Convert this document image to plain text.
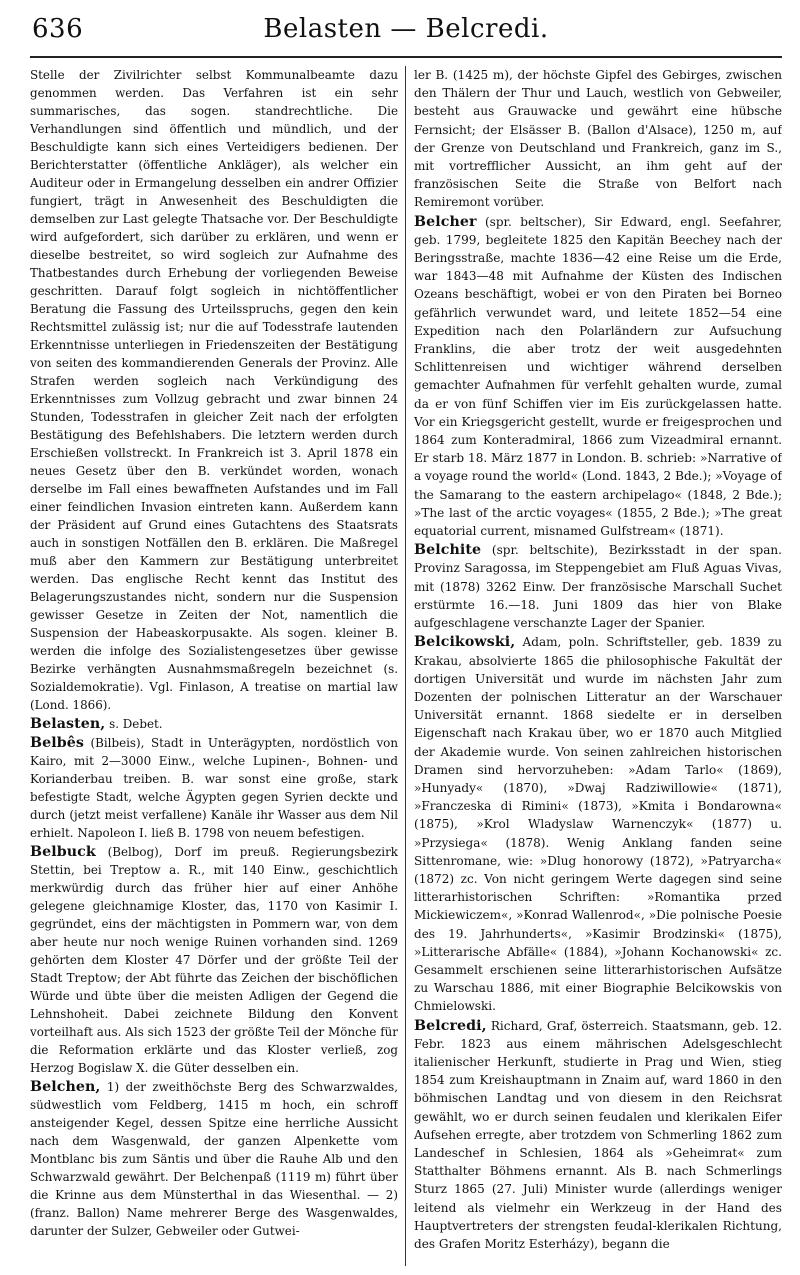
636	Belasten — Belcredi.

Stelle der Zivilrichter selbst Kommunalbeamte dazu genommen werden. Das Verfahren ist ein sehr summarisches, das sogen. standrechtliche. Die Verhandlungen sind öffentlich und mündlich, und der Beschuldigte kann sich eines Verteidigers bedienen. Der Berichterstatter (öffentliche Ankläger), als welcher ein Auditeur oder in Ermangelung desselben ein andrer Offizier fungiert, trägt in Anwesenheit des Beschuldigten die demselben zur Last gelegte Thatsache vor. Der Beschuldigte wird aufgefordert, sich darüber zu erklären, und wenn er dieselbe bestreitet, so wird sogleich zur Aufnahme des Thatbestandes durch Erhebung der vorliegenden Beweise geschritten. Darauf folgt sogleich in nichtöffentlicher Beratung die Fassung des Urteilsspruchs, gegen den kein Rechtsmittel zulässig ist; nur die auf Todesstrafe lautenden Erkenntnisse unterliegen in Friedenszeiten der Bestätigung von seiten des kommandierenden Generals der Provinz. Alle Strafen werden sogleich nach Verkündigung des Erkenntnisses zum Vollzug gebracht und zwar binnen 24 Stunden, Todesstrafen in gleicher Zeit nach der erfolgten Bestätigung des Befehlshabers. Die letztern werden durch Erschießen vollstreckt. In Frankreich ist 3. April 1878 ein neues Gesetz über den B. verkündet worden, wonach derselbe im Fall eines bewaffneten Aufstandes und im Fall einer feindlichen Invasion eintreten kann. Außerdem kann der Präsident auf Grund eines Gutachtens des Staatsrats auch in sonstigen Notfällen den B. erklären. Die Maßregel muß aber den Kammern zur Bestätigung unterbreitet werden. Das englische Recht kennt das Institut des Belagerungszustandes nicht, sondern nur die Suspension gewisser Gesetze in Zeiten der Not, namentlich die Suspension der Habeaskorpusakte. Als sogen. kleiner B. werden die infolge des Sozialistengesetzes über gewisse Bezirke verhängten Ausnahmsmaßregeln bezeichnet (s. Sozialdemokratie). Vgl. Finlason, A treatise on martial law (Lond. 1866).

Belasten, s. Debet.

Belbês (Bilbeis), Stadt in Unterägypten, nordöstlich von Kairo, mit 2—3000 Einw., welche Lupinen-, Bohnen- und Korianderbau treiben. B. war sonst eine große, stark befestigte Stadt, welche Ägypten gegen Syrien deckte und durch (jetzt meist verfallene) Kanäle ihr Wasser aus dem Nil erhielt. Napoleon I. ließ B. 1798 von neuem befestigen.

Belbuck (Belbog), Dorf im preuß. Regierungsbezirk Stettin, bei Treptow a. R., mit 140 Einw., geschichtlich merkwürdig durch das früher hier auf einer Anhöhe gelegene gleichnamige Kloster, das, 1170 von Kasimir I. gegründet, eins der mächtigsten in Pommern war, von dem aber heute nur noch wenige Ruinen vorhanden sind. 1269 gehörten dem Kloster 47 Dörfer und der größte Teil der Stadt Treptow; der Abt führte das Zeichen der bischöflichen Würde und übte über die meisten Adligen der Gegend die Lehnshoheit. Dabei zeichnete Bildung den Konvent vorteilhaft aus. Als sich 1523 der größte Teil der Mönche für die Reformation erklärte und das Kloster verließ, zog Herzog Bogislaw X. die Güter desselben ein.

Belchen, 1) der zweithöchste Berg des Schwarzwaldes, südwestlich vom Feldberg, 1415 m hoch, ein schroff ansteigender Kegel, dessen Spitze eine herrliche Aussicht nach dem Wasgenwald, der ganzen Alpenkette vom Montblanc bis zum Säntis und über die Rauhe Alb und den Schwarzwald gewährt. Der Belchenpaß (1119 m) führt über die Krinne aus dem Münsterthal in das Wiesenthal. — 2) (franz. Ballon) Name mehrerer Berge des Wasgenwaldes, darunter der Sulzer, Gebweiler oder Gutwei-

ler B. (1425 m), der höchste Gipfel des Gebirges, zwischen den Thälern der Thur und Lauch, westlich von Gebweiler, besteht aus Grauwacke und gewährt eine hübsche Fernsicht; der Elsässer B. (Ballon d'Alsace), 1250 m, auf der Grenze von Deutschland und Frankreich, ganz im S., mit vortrefflicher Aussicht, an ihm geht auf der französischen Seite die Straße von Belfort nach Remiremont vorüber.

Belcher (spr. beltscher), Sir Edward, engl. Seefahrer, geb. 1799, begleitete 1825 den Kapitän Beechey nach der Beringsstraße, machte 1836—42 eine Reise um die Erde, war 1843—48 mit Aufnahme der Küsten des Indischen Ozeans beschäftigt, wobei er von den Piraten bei Borneo gefährlich verwundet ward, und leitete 1852—54 eine Expedition nach den Polarländern zur Aufsuchung Franklins, die aber trotz der weit ausgedehnten Schlittenreisen und wichtiger während derselben gemachter Aufnahmen für verfehlt gehalten wurde, zumal da er von fünf Schiffen vier im Eis zurückgelassen hatte. Vor ein Kriegsgericht gestellt, wurde er freigesprochen und 1864 zum Konteradmiral, 1866 zum Vizeadmiral ernannt. Er starb 18. März 1877 in London. B. schrieb: »Narrative of a voyage round the world« (Lond. 1843, 2 Bde.); »Voyage of the Samarang to the eastern archipelago« (1848, 2 Bde.); »The last of the arctic voyages« (1855, 2 Bde.); »The great equatorial current, misnamed Gulfstream« (1871).

Belchite (spr. beltschite), Bezirksstadt in der span. Provinz Saragossa, im Steppengebiet am Fluß Aguas Vivas, mit (1878) 3262 Einw. Der französische Marschall Suchet erstürmte 16.—18. Juni 1809 das hier von Blake aufgeschlagene verschanzte Lager der Spanier.

Belcikowski, Adam, poln. Schriftsteller, geb. 1839 zu Krakau, absolvierte 1865 die philosophische Fakultät der dortigen Universität und wurde im nächsten Jahr zum Dozenten der polnischen Litteratur an der Warschauer Universität ernannt. 1868 siedelte er in derselben Eigenschaft nach Krakau über, wo er 1870 auch Mitglied der Akademie wurde. Von seinen zahlreichen historischen Dramen sind hervorzuheben: »Adam Tarlo« (1869), »Hunyady« (1870), »Dwaj Radziwillowie« (1871), »Franczeska di Rimini« (1873), »Kmita i Bondarowna« (1875), »Krol Wladyslaw Warnenczyk« (1877) u. »Przysiega« (1878). Wenig Anklang fanden seine Sittenromane, wie: »Dlug honorowy (1872), »Patryarcha« (1872) zc. Von nicht geringem Werte dagegen sind seine litterarhistorischen Schriften: »Romantika przed Mickiewiczem«, »Konrad Wallenrod«, »Die polnische Poesie des 19. Jahrhunderts«, »Kasimir Brodzinski« (1875), »Litterarische Abfälle« (1884), »Johann Kochanowski« zc. Gesammelt erschienen seine litterarhistorischen Aufsätze zu Warschau 1886, mit einer Biographie Belcikowskis von Chmielowski.

Belcredi, Richard, Graf, österreich. Staatsmann, geb. 12. Febr. 1823 aus einem mährischen Adelsgeschlecht italienischer Herkunft, studierte in Prag und Wien, stieg 1854 zum Kreishauptmann in Znaim auf, ward 1860 in den böhmischen Landtag und von diesem in den Reichsrat gewählt, wo er durch seinen feudalen und klerikalen Eifer Aufsehen erregte, aber trotzdem von Schmerling 1862 zum Landeschef in Schlesien, 1864 als »Geheimrat« zum Statthalter Böhmens ernannt. Als B. nach Schmerlings Sturz 1865 (27. Juli) Minister wurde (allerdings weniger leitend als vielmehr ein Werkzeug in der Hand des Hauptvertreters der strengsten feudal-klerikalen Richtung, des Grafen Moritz Esterházy), begann die
